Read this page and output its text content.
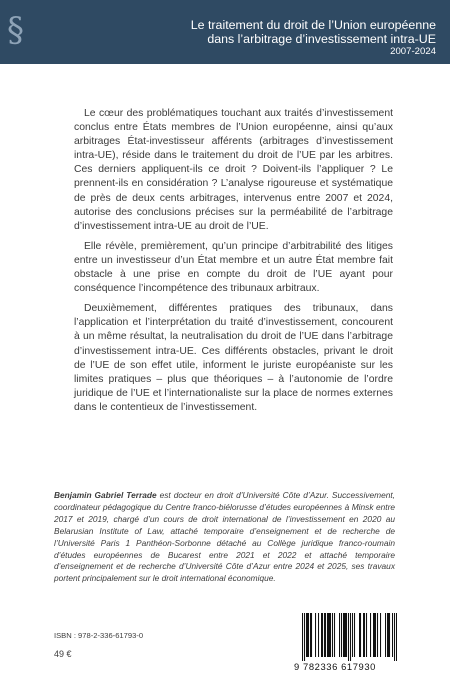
§	Le traitement du droit de l’Union européenne
dans l’arbitrage d’investissement intra-UE
2007-2024

Le cœur des problématiques touchant aux traités d’investissement conclus entre États membres de l’Union européenne, ainsi qu’aux arbitrages État-investisseur afférents (arbitrages d’investissement intra-UE), réside dans le traitement du droit de l’UE par les arbitres. Ces derniers appliquent-ils ce droit ? Doivent-ils l’appliquer ? Le prennent-ils en considération ? L’analyse rigoureuse et systématique de près de deux cents arbitrages, intervenus entre 2007 et 2024, autorise des conclusions précises sur la perméabilité de l’arbitrage d’investissement intra-UE au droit de l’UE.

Elle révèle, premièrement, qu’un principe d’arbitrabilité des litiges entre un investisseur d’un État membre et un autre État membre fait obstacle à une prise en compte du droit de l’UE ayant pour conséquence l’incompétence des tribunaux arbitraux.

Deuxièmement, différentes pratiques des tribunaux, dans l’application et l’interprétation du traité d’investissement, concourent à un même résultat, la neutralisation du droit de l’UE dans l’arbitrage d’investissement intra-UE. Ces différents obstacles, privant le droit de l’UE de son effet utile, informent le juriste européaniste sur les limites pratiques – plus que théoriques – à l’autonomie de l’ordre juridique de l’UE et l’internationaliste sur la place de normes externes dans le contentieux de l’investissement.

Benjamin Gabriel Terrade est docteur en droit d’Université Côte d’Azur. Successivement, coordinateur pédagogique du Centre franco-biélorusse d’études européennes à Minsk entre 2017 et 2019, chargé d’un cours de droit international de l’investissement en 2020 au Belarusian Institute of Law, attaché temporaire d’enseignement et de recherche de l’Université Paris 1 Panthéon-Sorbonne détaché au Collège juridique franco-roumain d’études européennes de Bucarest entre 2021 et 2022 et attaché temporaire d’enseignement et de recherche d’Université Côte d’Azur entre 2024 et 2025, ses travaux portent principalement sur le droit international économique.
ISBN : 978-2-336-61793-0
49 €
9 782336 617930
